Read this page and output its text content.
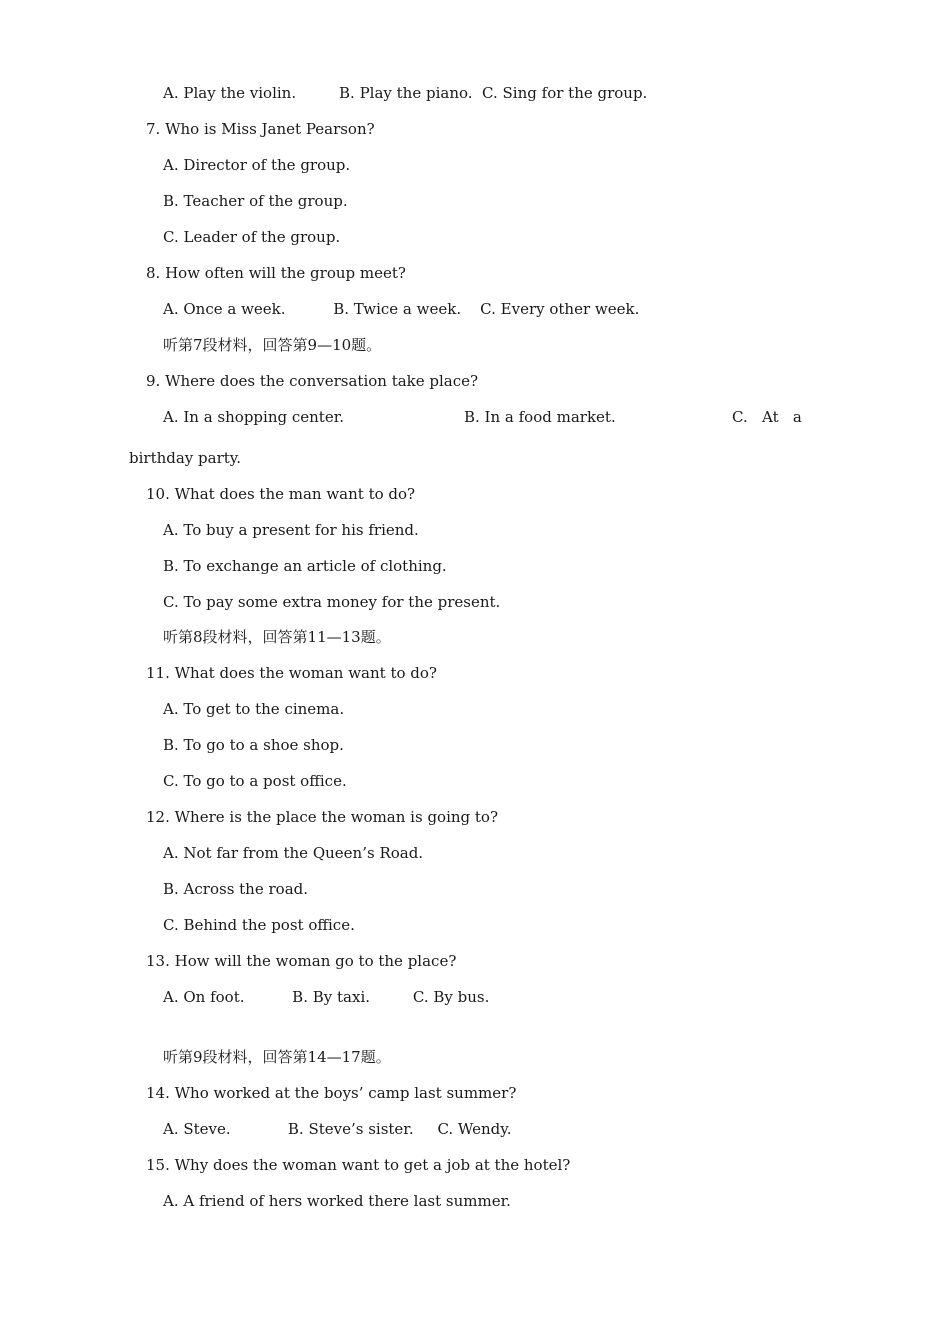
A. Play the violin.         B. Play the piano.  C. Sing for the group.
7. Who is Miss Janet Pearson?
A. Director of the group.
B. Teacher of the group.
C. Leader of the group.
8. How often will the group meet?
A. Once a week.          B. Twice a week.    C. Every other week.
听第7段材料，回答第9—10题。
9. Where does the conversation take place?
A. In a shopping center.	B. In a food market.	C.   At   a
birthday party.
10. What does the man want to do?
A. To buy a present for his friend.
B. To exchange an article of clothing.
C. To pay some extra money for the present.
听第8段材料，回答第11—13题。
11. What does the woman want to do?
A. To get to the cinema.
B. To go to a shoe shop.
C. To go to a post office.
12. Where is the place the woman is going to?
A. Not far from the Queen’s Road.
B. Across the road.
C. Behind the post office.
13. How will the woman go to the place?
A. On foot.          B. By taxi.         C. By bus.
听第9段材料，回答第14—17题。
14. Who worked at the boys’ camp last summer?
A. Steve.            B. Steve’s sister.     C. Wendy.
15. Why does the woman want to get a job at the hotel?
A. A friend of hers worked there last summer.
